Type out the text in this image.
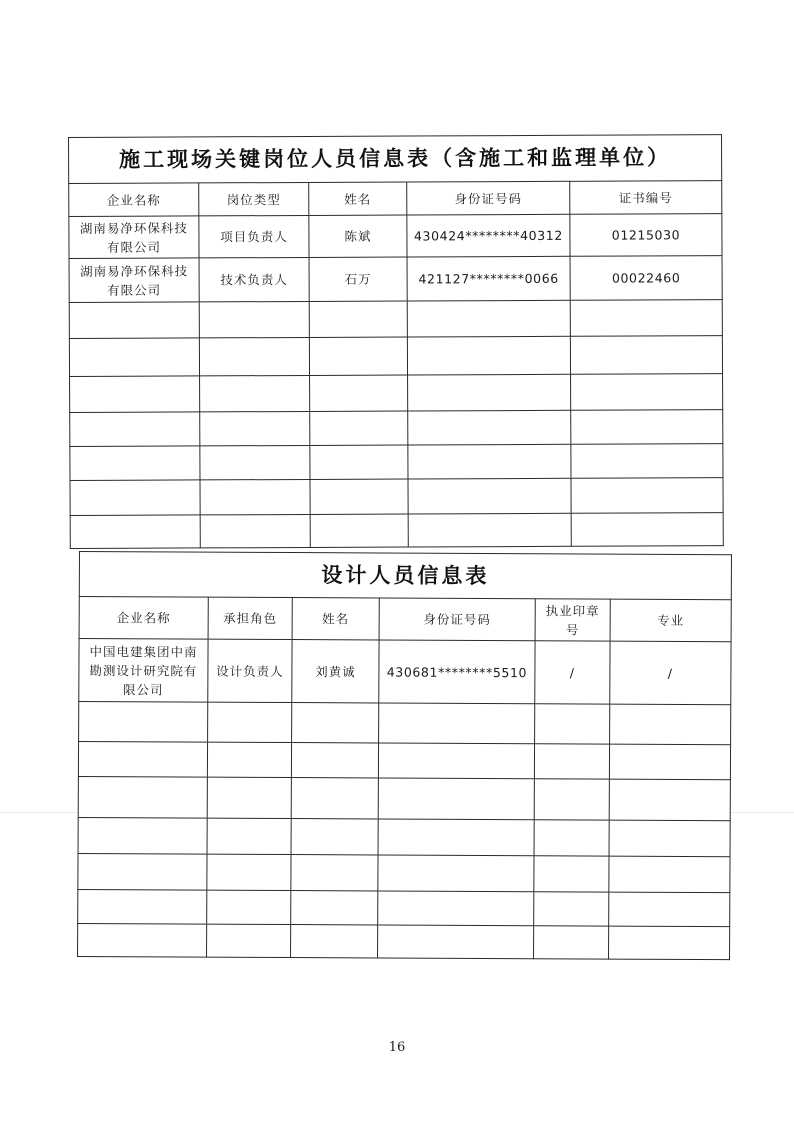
施工现场关键岗位人员信息表（含施工和监理单位）				
企业名称	岗位类型	姓名	身份证号码	证书编号
湖南易净环保科技有限公司	项目负责人	陈斌	430424********40312	01215030
湖南易净环保科技有限公司	技术负责人	石万	421127********0066	00022460

设计人员信息表					
企业名称	承担角色	姓名	身份证号码	执业印章号	专业
中国电建集团中南勘测设计研究院有限公司	设计负责人	刘黄诚	430681********5510	/	/

16
